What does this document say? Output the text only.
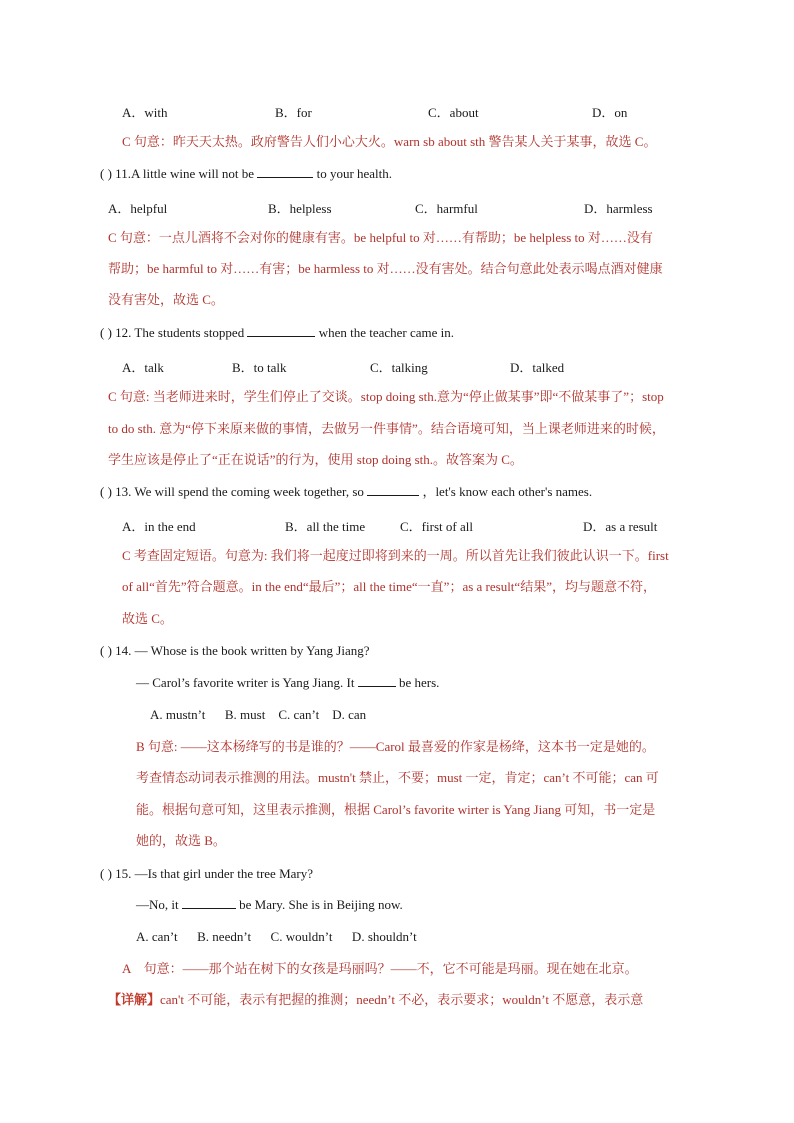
A．with	B．for	C．about	D．on
C 句意：昨天天太热。政府警告人们小心大火。warn sb about sth 警告某人关于某事，故选 C。
( ) 11.A little wine will not be	to your health.
A．helpful	B．helpless	C．harmful	D．harmless
C 句意：一点儿酒将不会对你的健康有害。be helpful to 对……有帮助；be helpless to 对……没有
帮助；be harmful to 对……有害；be harmless to 对……没有害处。结合句意此处表示喝点酒对健康
没有害处，故选 C。
( ) 12. The students stopped	when the teacher came in.
A．talk	B．to talk	C．talking	D．talked
C 句意: 当老师进来时，学生们停止了交谈。stop doing sth.意为“停止做某事”即“不做某事了”；stop
to do sth. 意为“停下来原来做的事情，去做另一件事情”。结合语境可知，当上课老师进来的时候，
学生应该是停止了“正在说话”的行为，使用 stop doing sth.。故答案为 C。
( ) 13. We will spend the coming week together, so	，let's know each other's names.
A．in the end	B．all the time	C．first of all	D．as a result
C 考查固定短语。句意为: 我们将一起度过即将到来的一周。所以首先让我们彼此认识一下。first
of all“首先”符合题意。in the end“最后”；all the time“一直”；as a result“结果”，均与题意不符，
故选 C。
( ) 14. — Whose is the book written by Yang Jiang?
— Carol’s favorite writer is Yang Jiang. It	be hers.
A. mustn’t      B. must    C. can’t    D. can
B 句意: ——这本杨绛写的书是谁的？——Carol 最喜爱的作家是杨绛，这本书一定是她的。
考查情态动词表示推测的用法。mustn't 禁止，不要；must 一定，肯定；can’t 不可能；can 可
能。根据句意可知，这里表示推测，根据 Carol’s favorite wirter is Yang Jiang 可知，书一定是
她的，故选 B。
( ) 15. —Is that girl under the tree Mary?
—No, it	be Mary. She is in Beijing now.
A. can’t      B. needn’t      C. wouldn’t      D. shouldn’t
A    句意：——那个站在树下的女孩是玛丽吗？——不，它不可能是玛丽。现在她在北京。
【详解】can't 不可能，表示有把握的推测；needn’t 不必，表示要求；wouldn’t 不愿意，表示意
